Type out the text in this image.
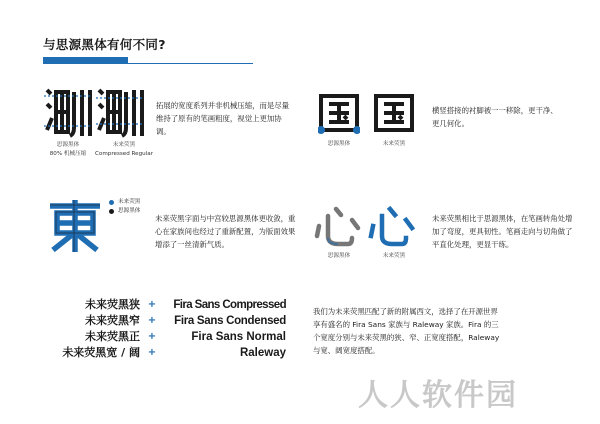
与思源黑体有何不同?
思源黑体
80% 机械压缩
未来荧黑
Compressed Regular
拓展的宽度系列并非机械压缩，而是尽量维持了原有的笔画粗度，视觉上更加协调。
思源黑体	未来荧黑
横竖搭接的衬脚被一一移除，更干净、更几何化。
未来荧黑
思源黑体
未来荧黑字面与中宫较思源黑体更收敛，重心在家族间也经过了重新配置，为版面效果增添了一丝清新气质。
思源黑体	未来荧黑
未来荧黑相比于思源黑体，在笔画转角处增加了弯度，更具韧性。笔画走向与切角做了平直化处理，更显干练。
未来荧黑狭
未来荧黑窄
未来荧黑正
未来荧黑宽 / 阔
+
+
+
+
Fira Sans Compressed
Fira Sans Condensed
Fira Sans Normal
Raleway
我们为未来荧黑匹配了新的附属西文，选择了在开源世界享有盛名的 Fira Sans 家族与 Raleway 家族。Fira 的三个宽度分别与未来荧黑的狭、窄、正宽度搭配，Raleway 与宽、阔宽度搭配。
人人软件园
